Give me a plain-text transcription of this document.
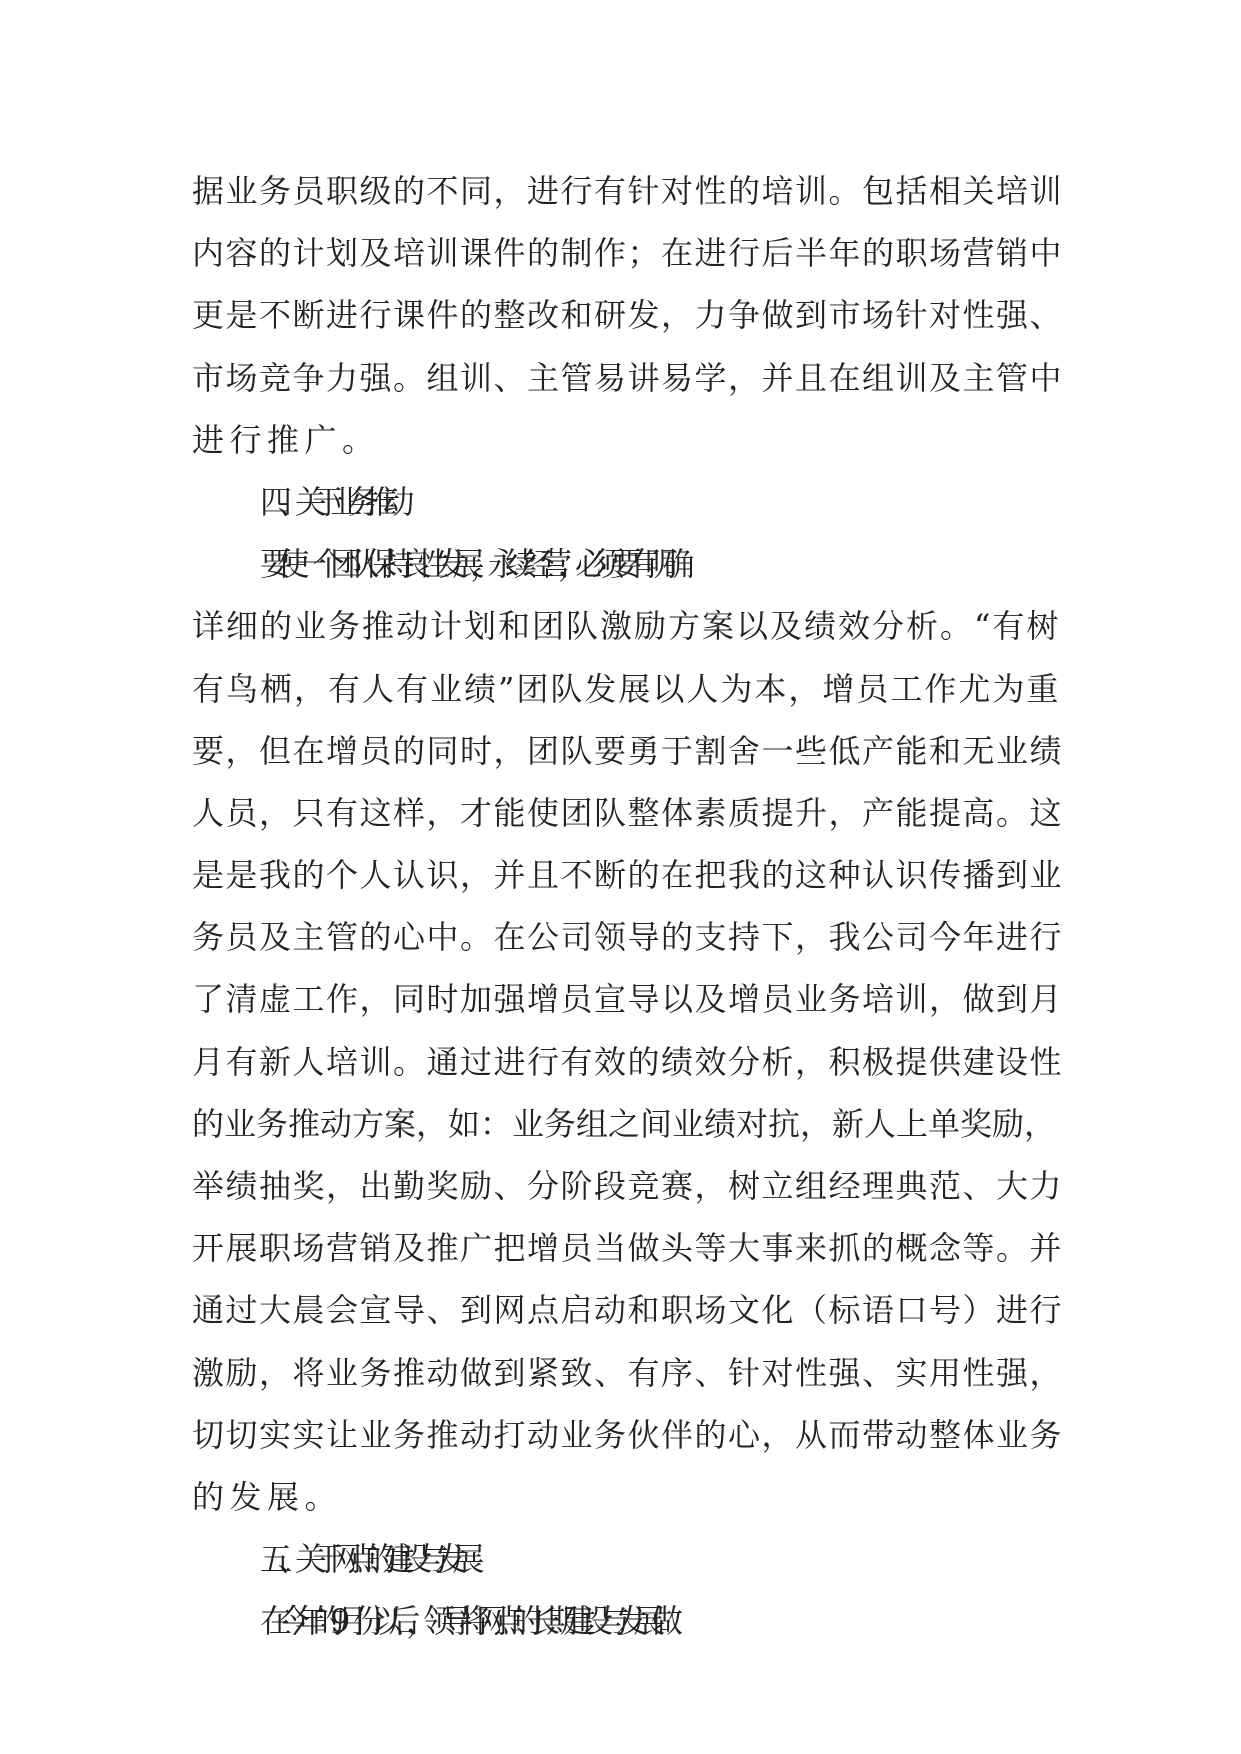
据业务员职级的不同，进行有针对性的培训。包括相关培训
内容的计划及培训课件的制作；在进行后半年的职场营销中
更是不断进行课件的整改和研发，力争做到市场针对性强、
市场竞争力强。组训、主管易讲易学，并且在组训及主管中
进行推广。
四、关于业务推动
要使一个团队保持良性发展，永续经营，必须要有明确
详细的业务推动计划和团队激励方案以及绩效分析。“有树
有鸟栖，有人有业绩”团队发展以人为本，增员工作尤为重
要，但在增员的同时，团队要勇于割舍一些低产能和无业绩
人员，只有这样，才能使团队整体素质提升，产能提高。这
是是我的个人认识，并且不断的在把我的这种认识传播到业
务员及主管的心中。在公司领导的支持下，我公司今年进行
了清虚工作，同时加强增员宣导以及增员业务培训，做到月
月有新人培训。通过进行有效的绩效分析，积极提供建设性
的业务推动方案，如：业务组之间业绩对抗，新人上单奖励，
举绩抽奖，出勤奖励、分阶段竞赛，树立组经理典范、大力
开展职场营销及推广把增员当做头等大事来抓的概念等。并
通过大晨会宣导、到网点启动和职场文化（标语口号）进行
激励，将业务推动做到紧致、有序、针对性强、实用性强，
切切实实让业务推动打动业务伙伴的心，从而带动整体业务
的发展。
五、关于网点的建设与发展
在今年的9月份以后，领导将网点的长期建设与发展做
